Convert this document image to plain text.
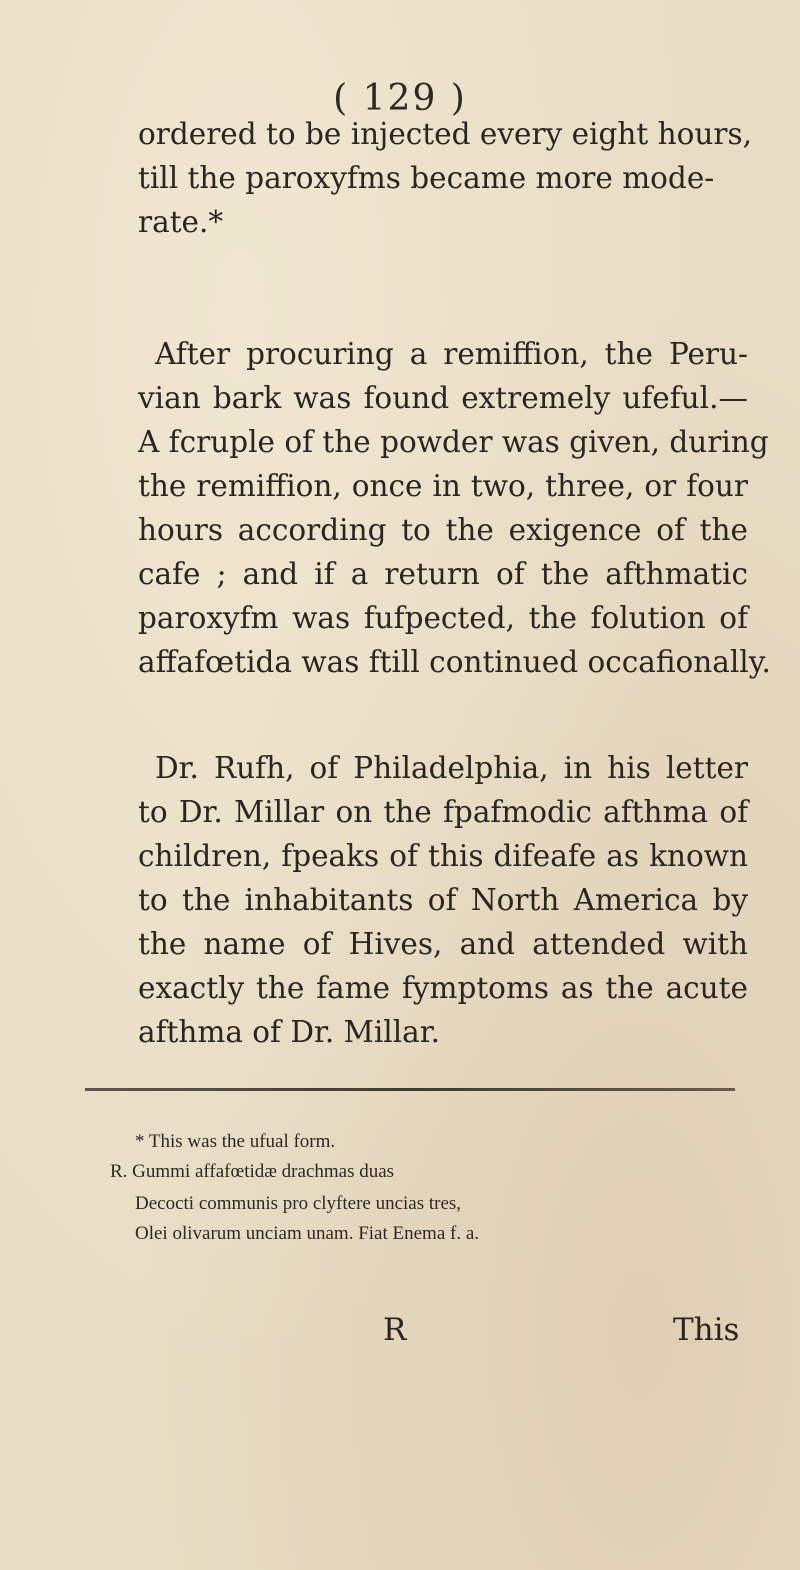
( 129 )
ordered to be injected every eight hours,
till the paroxyfms became more mode-
rate.*
After procuring a remiffion, the Peru-
vian bark was found extremely ufeful.—
A fcruple of the powder was given, during
the remiffion, once in two, three, or four
hours according to the exigence of the
cafe ; and if a return of the afthmatic
paroxyfm was fufpected, the folution of
affafœtida was ftill continued occafionally.
Dr. Rufh, of Philadelphia, in his letter
to Dr. Millar on the fpafmodic afthma of
children, fpeaks of this difeafe as known
to the inhabitants of North America by
the name of Hives, and attended with
exactly the fame fymptoms as the acute
afthma of Dr. Millar.
* This was the ufual form.
R. Gummi affafœtidæ drachmas duas
Decocti communis pro clyftere uncias tres,
Olei olivarum unciam unam. Fiat Enema f. a.
R	This
